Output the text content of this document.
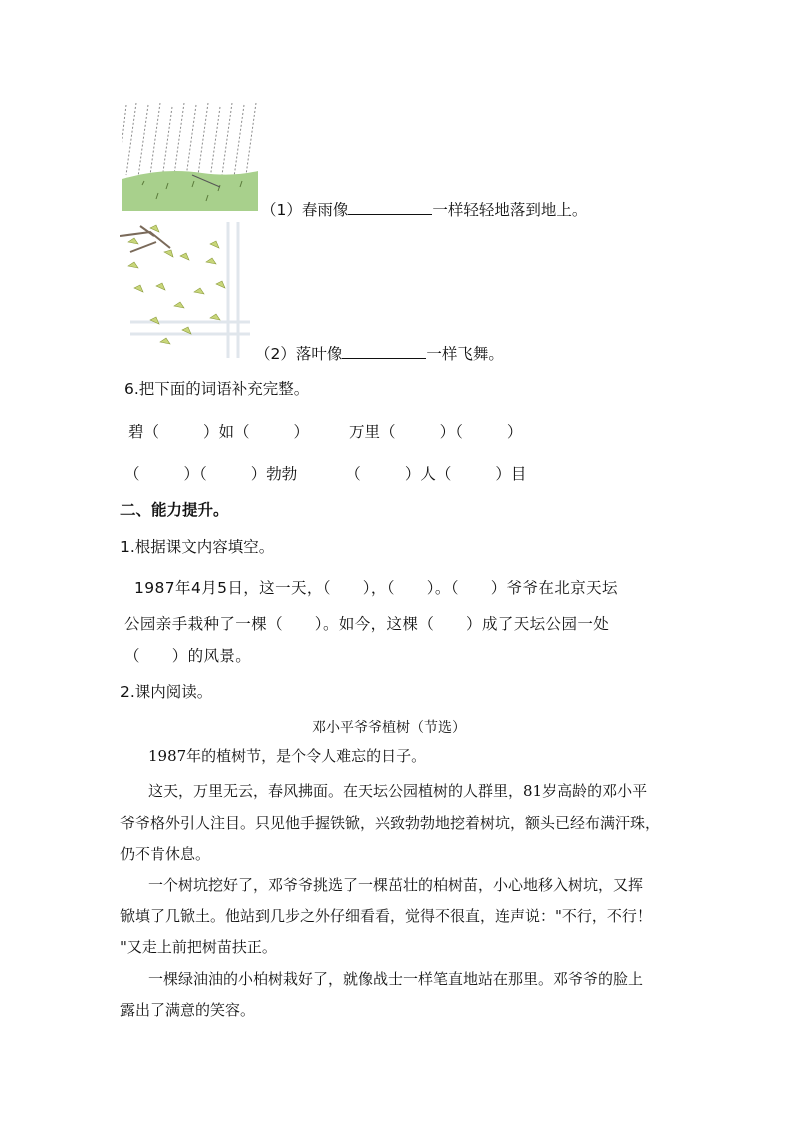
（1）春雨像	一样轻轻地落到地上。
（2）落叶像	一样飞舞。
6.把下面的词语补充完整。
碧（	）如（	）	万里（	）（	）
（	）（	）勃勃	（	）人（	）目
二、能力提升。
1.根据课文内容填空。
1987年4月5日，这一天，（　　），（　　）。（　　）爷爷在北京天坛
公园亲手栽种了一棵（　　）。如今，这棵（　　）成了天坛公园一处
（　　）的风景。
2.课内阅读。
邓小平爷爷植树（节选）
1987年的植树节，是个令人难忘的日子。
这天，万里无云，春风拂面。在天坛公园植树的人群里，81岁高龄的邓小平
爷爷格外引人注目。只见他手握铁锨，兴致勃勃地挖着树坑，额头已经布满汗珠，
仍不肯休息。
一个树坑挖好了，邓爷爷挑选了一棵茁壮的柏树苗，小心地移入树坑，又挥
锨填了几锨土。他站到几步之外仔细看看，觉得不很直，连声说："不行，不行！
"又走上前把树苗扶正。
一棵绿油油的小柏树栽好了，就像战士一样笔直地站在那里。邓爷爷的脸上
露出了满意的笑容。
